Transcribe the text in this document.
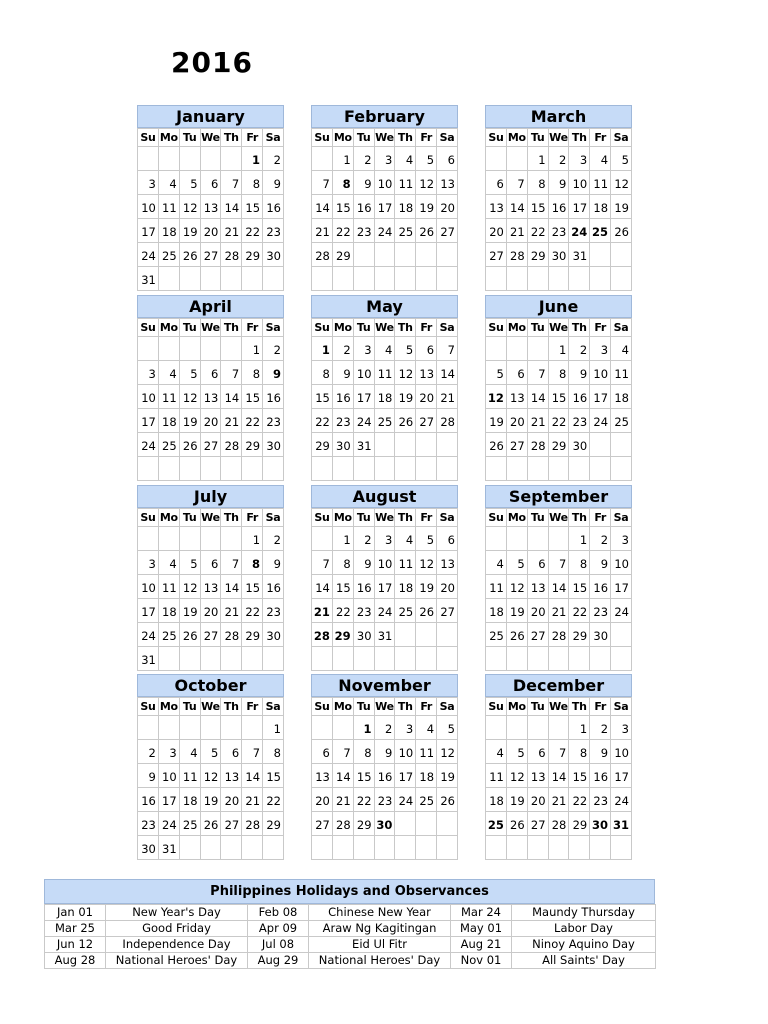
2016
January
Su	Mo	Tu	We	Th	Fr	Sa
					1	2
3	4	5	6	7	8	9
10	11	12	13	14	15	16
17	18	19	20	21	22	23
24	25	26	27	28	29	30
31						
February
Su	Mo	Tu	We	Th	Fr	Sa
	1	2	3	4	5	6
7	8	9	10	11	12	13
14	15	16	17	18	19	20
21	22	23	24	25	26	27
28	29					

March
Su	Mo	Tu	We	Th	Fr	Sa
		1	2	3	4	5
6	7	8	9	10	11	12
13	14	15	16	17	18	19
20	21	22	23	24	25	26
27	28	29	30	31		

April
Su	Mo	Tu	We	Th	Fr	Sa
					1	2
3	4	5	6	7	8	9
10	11	12	13	14	15	16
17	18	19	20	21	22	23
24	25	26	27	28	29	30

May
Su	Mo	Tu	We	Th	Fr	Sa
1	2	3	4	5	6	7
8	9	10	11	12	13	14
15	16	17	18	19	20	21
22	23	24	25	26	27	28
29	30	31				

June
Su	Mo	Tu	We	Th	Fr	Sa
			1	2	3	4
5	6	7	8	9	10	11
12	13	14	15	16	17	18
19	20	21	22	23	24	25
26	27	28	29	30		

July
Su	Mo	Tu	We	Th	Fr	Sa
					1	2
3	4	5	6	7	8	9
10	11	12	13	14	15	16
17	18	19	20	21	22	23
24	25	26	27	28	29	30
31						
August
Su	Mo	Tu	We	Th	Fr	Sa
	1	2	3	4	5	6
7	8	9	10	11	12	13
14	15	16	17	18	19	20
21	22	23	24	25	26	27
28	29	30	31			

September
Su	Mo	Tu	We	Th	Fr	Sa
				1	2	3
4	5	6	7	8	9	10
11	12	13	14	15	16	17
18	19	20	21	22	23	24
25	26	27	28	29	30	

October
Su	Mo	Tu	We	Th	Fr	Sa
						1
2	3	4	5	6	7	8
9	10	11	12	13	14	15
16	17	18	19	20	21	22
23	24	25	26	27	28	29
30	31					
November
Su	Mo	Tu	We	Th	Fr	Sa
		1	2	3	4	5
6	7	8	9	10	11	12
13	14	15	16	17	18	19
20	21	22	23	24	25	26
27	28	29	30			

December
Su	Mo	Tu	We	Th	Fr	Sa
				1	2	3
4	5	6	7	8	9	10
11	12	13	14	15	16	17
18	19	20	21	22	23	24
25	26	27	28	29	30	31

Philippines Holidays and Observances
Jan 01	New Year's Day	Feb 08	Chinese New Year	Mar 24	Maundy Thursday
Mar 25	Good Friday	Apr 09	Araw Ng Kagitingan	May 01	Labor Day
Jun 12	Independence Day	Jul 08	Eid Ul Fitr	Aug 21	Ninoy Aquino Day
Aug 28	National Heroes' Day	Aug 29	National Heroes' Day	Nov 01	All Saints' Day
